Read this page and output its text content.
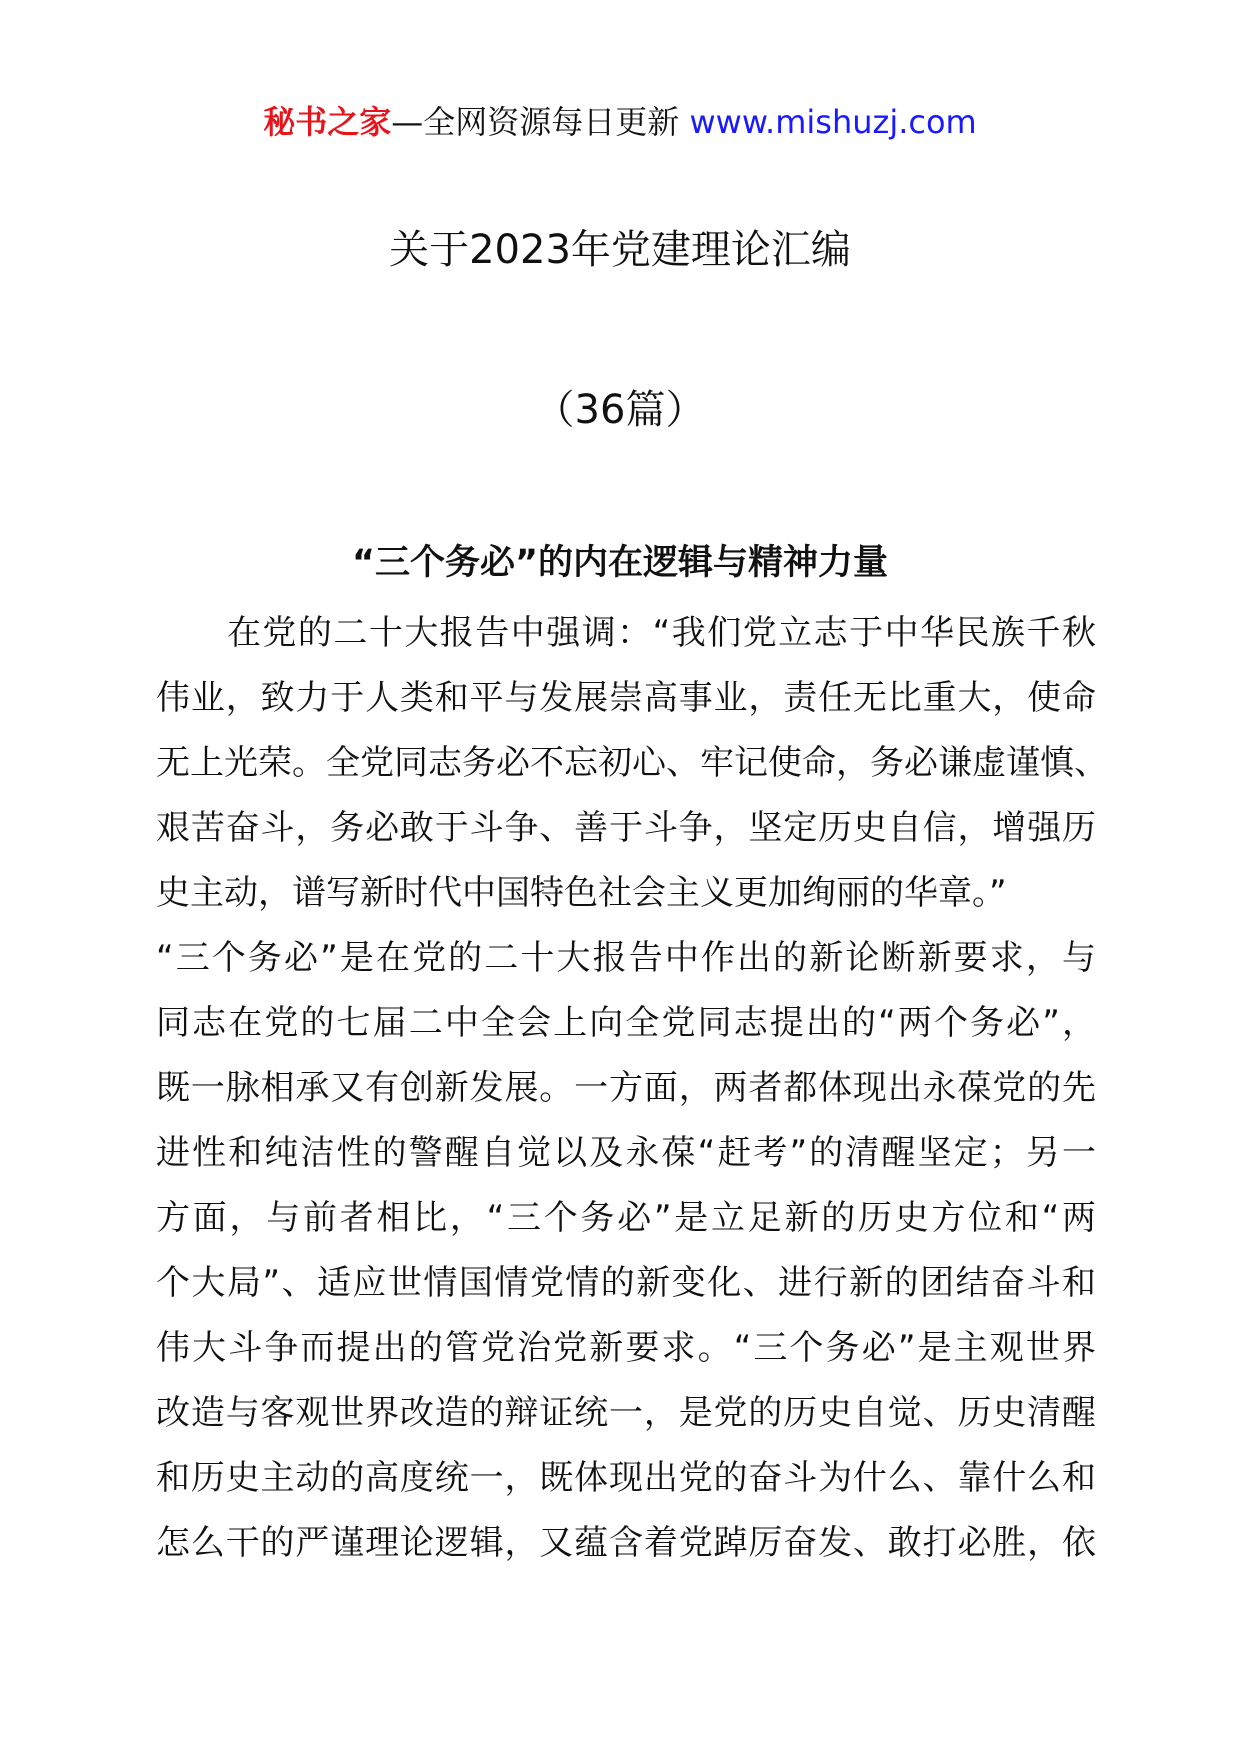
秘书之家—全网资源每日更新 www.mishuzj.com
关于2023年党建理论汇编
（36篇）
“三个务必”的内在逻辑与精神力量
　　在党的二十大报告中强调：“我们党立志于中华民族千秋
伟业，致力于人类和平与发展崇高事业，责任无比重大，使命
无上光荣。全党同志务必不忘初心、牢记使命，务必谦虚谨慎、
艰苦奋斗，务必敢于斗争、善于斗争，坚定历史自信，增强历
史主动，谱写新时代中国特色社会主义更加绚丽的华章。”
“三个务必”是在党的二十大报告中作出的新论断新要求，与
同志在党的七届二中全会上向全党同志提出的“两个务必”，
既一脉相承又有创新发展。一方面，两者都体现出永葆党的先
进性和纯洁性的警醒自觉以及永葆“赶考”的清醒坚定；另一
方面，与前者相比，“三个务必”是立足新的历史方位和“两
个大局”、适应世情国情党情的新变化、进行新的团结奋斗和
伟大斗争而提出的管党治党新要求。“三个务必”是主观世界
改造与客观世界改造的辩证统一，是党的历史自觉、历史清醒
和历史主动的高度统一，既体现出党的奋斗为什么、靠什么和
怎么干的严谨理论逻辑，又蕴含着党踔厉奋发、敢打必胜，依
